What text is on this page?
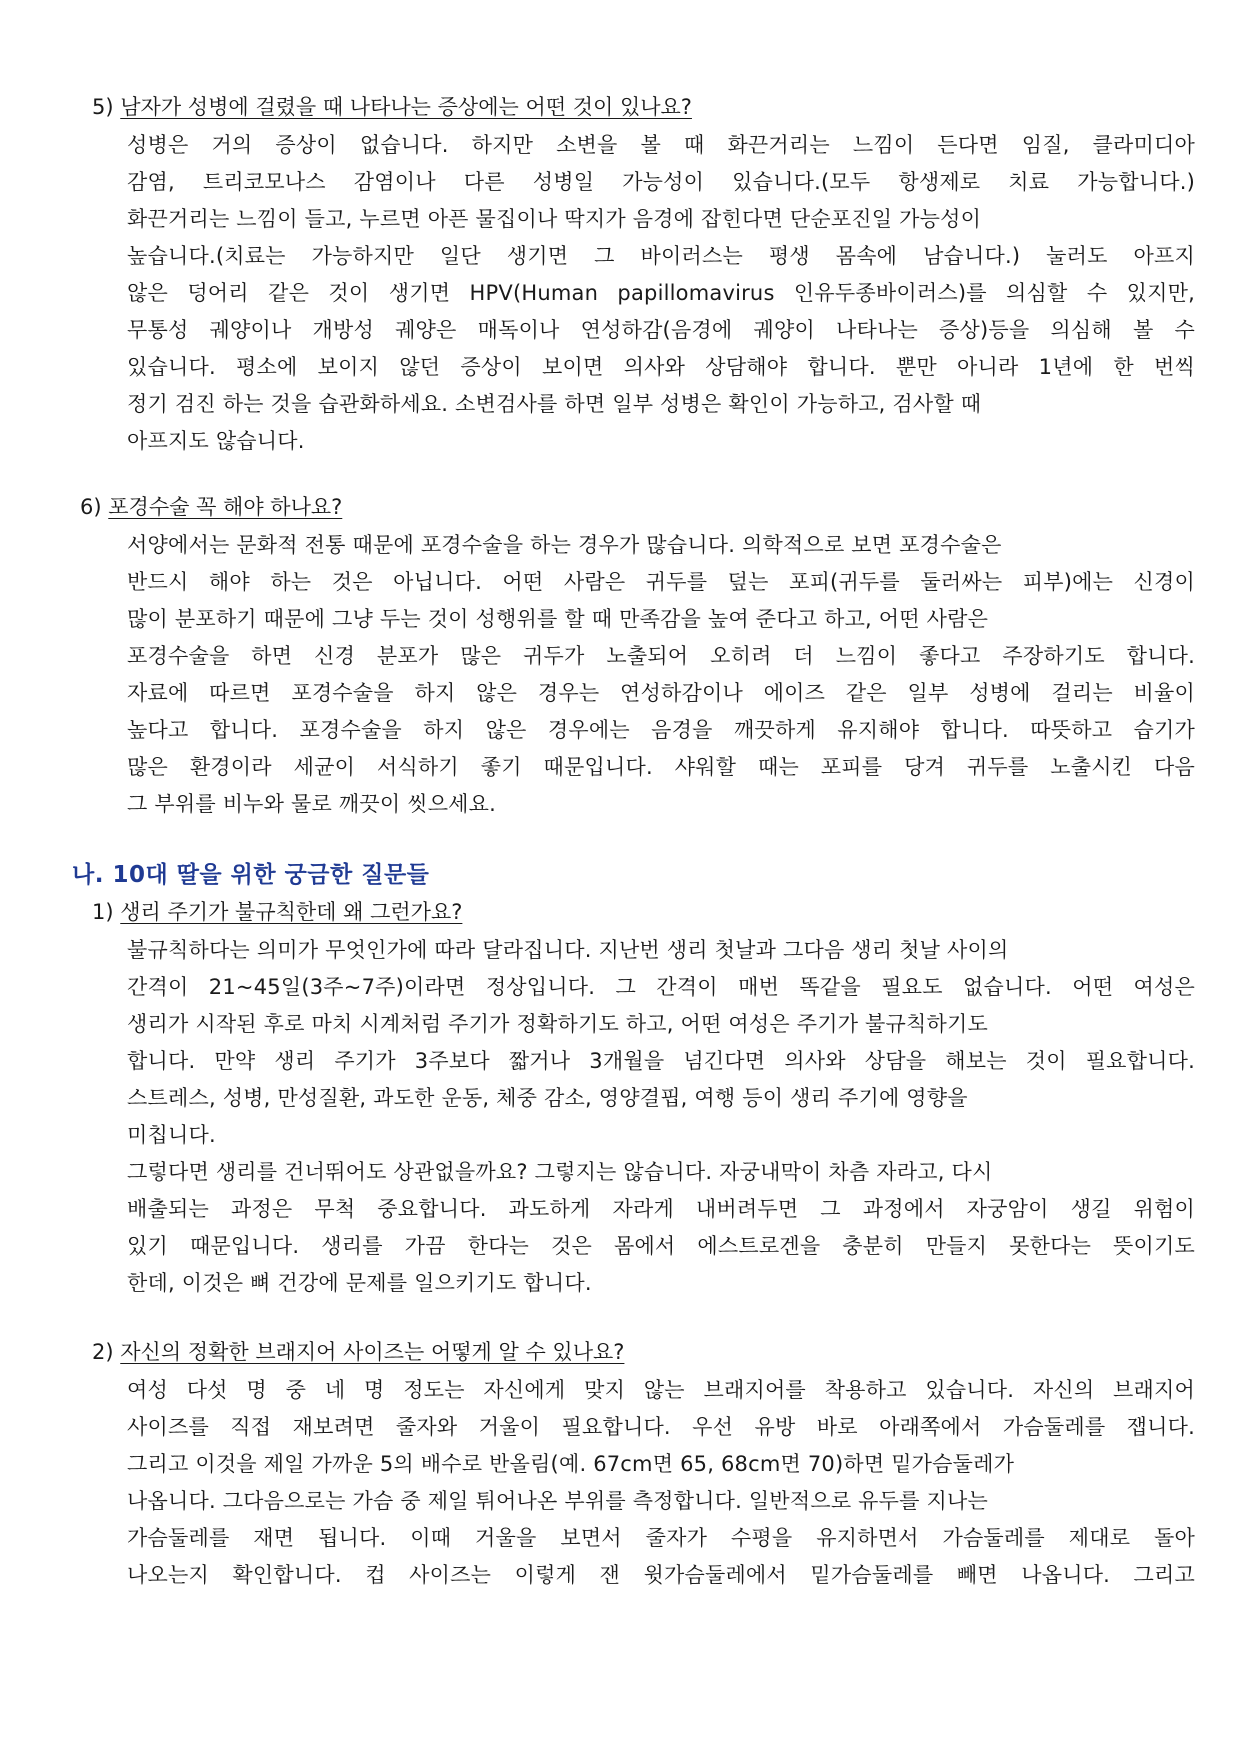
5) 남자가 성병에 걸렸을 때 나타나는 증상에는 어떤 것이 있나요?
성병은 거의 증상이 없습니다. 하지만 소변을 볼 때 화끈거리는 느낌이 든다면 임질, 클라미디아
감염, 트리코모나스 감염이나 다른 성병일 가능성이 있습니다.(모두 항생제로 치료 가능합니다.)
화끈거리는 느낌이 들고, 누르면 아픈 물집이나 딱지가 음경에 잡힌다면 단순포진일 가능성이
높습니다.(치료는 가능하지만 일단 생기면 그 바이러스는 평생 몸속에 남습니다.) 눌러도 아프지
않은 덩어리 같은 것이 생기면 HPV(Human papillomavirus 인유두종바이러스)를 의심할 수 있지만,
무통성 궤양이나 개방성 궤양은 매독이나 연성하감(음경에 궤양이 나타나는 증상)등을 의심해 볼 수
있습니다. 평소에 보이지 않던 증상이 보이면 의사와 상담해야 합니다. 뿐만 아니라 1년에 한 번씩
정기 검진 하는 것을 습관화하세요. 소변검사를 하면 일부 성병은 확인이 가능하고, 검사할 때
아프지도 않습니다.
6) 포경수술 꼭 해야 하나요?
서양에서는 문화적 전통 때문에 포경수술을 하는 경우가 많습니다. 의학적으로 보면 포경수술은
반드시 해야 하는 것은 아닙니다. 어떤 사람은 귀두를 덮는 포피(귀두를 둘러싸는 피부)에는 신경이
많이 분포하기 때문에 그냥 두는 것이 성행위를 할 때 만족감을 높여 준다고 하고, 어떤 사람은
포경수술을 하면 신경 분포가 많은 귀두가 노출되어 오히려 더 느낌이 좋다고 주장하기도 합니다.
자료에 따르면 포경수술을 하지 않은 경우는 연성하감이나 에이즈 같은 일부 성병에 걸리는 비율이
높다고 합니다. 포경수술을 하지 않은 경우에는 음경을 깨끗하게 유지해야 합니다. 따뜻하고 습기가
많은 환경이라 세균이 서식하기 좋기 때문입니다. 샤워할 때는 포피를 당겨 귀두를 노출시킨 다음
그 부위를 비누와 물로 깨끗이 씻으세요.
나. 10대 딸을 위한 궁금한 질문들
1) 생리 주기가 불규칙한데 왜 그런가요?
불규칙하다는 의미가 무엇인가에 따라 달라집니다. 지난번 생리 첫날과 그다음 생리 첫날 사이의
간격이 21~45일(3주~7주)이라면 정상입니다. 그 간격이 매번 똑같을 필요도 없습니다. 어떤 여성은
생리가 시작된 후로 마치 시계처럼 주기가 정확하기도 하고, 어떤 여성은 주기가 불규칙하기도
합니다. 만약 생리 주기가 3주보다 짧거나 3개월을 넘긴다면 의사와 상담을 해보는 것이 필요합니다.
스트레스, 성병, 만성질환, 과도한 운동, 체중 감소, 영양결핍, 여행 등이 생리 주기에 영향을
미칩니다.
그렇다면 생리를 건너뛰어도 상관없을까요? 그렇지는 않습니다. 자궁내막이 차츰 자라고, 다시
배출되는 과정은 무척 중요합니다. 과도하게 자라게 내버려두면 그 과정에서 자궁암이 생길 위험이
있기 때문입니다. 생리를 가끔 한다는 것은 몸에서 에스트로겐을 충분히 만들지 못한다는 뜻이기도
한데, 이것은 뼈 건강에 문제를 일으키기도 합니다.
2) 자신의 정확한 브래지어 사이즈는 어떻게 알 수 있나요?
여성 다섯 명 중 네 명 정도는 자신에게 맞지 않는 브래지어를 착용하고 있습니다. 자신의 브래지어
사이즈를 직접 재보려면 줄자와 거울이 필요합니다. 우선 유방 바로 아래쪽에서 가슴둘레를 잽니다.
그리고 이것을 제일 가까운 5의 배수로 반올림(예. 67cm면 65, 68cm면 70)하면 밑가슴둘레가
나옵니다. 그다음으로는 가슴 중 제일 튀어나온 부위를 측정합니다. 일반적으로 유두를 지나는
가슴둘레를 재면 됩니다. 이때 거울을 보면서 줄자가 수평을 유지하면서 가슴둘레를 제대로 돌아
나오는지 확인합니다. 컵 사이즈는 이렇게 잰 윗가슴둘레에서 밑가슴둘레를 빼면 나옵니다. 그리고
